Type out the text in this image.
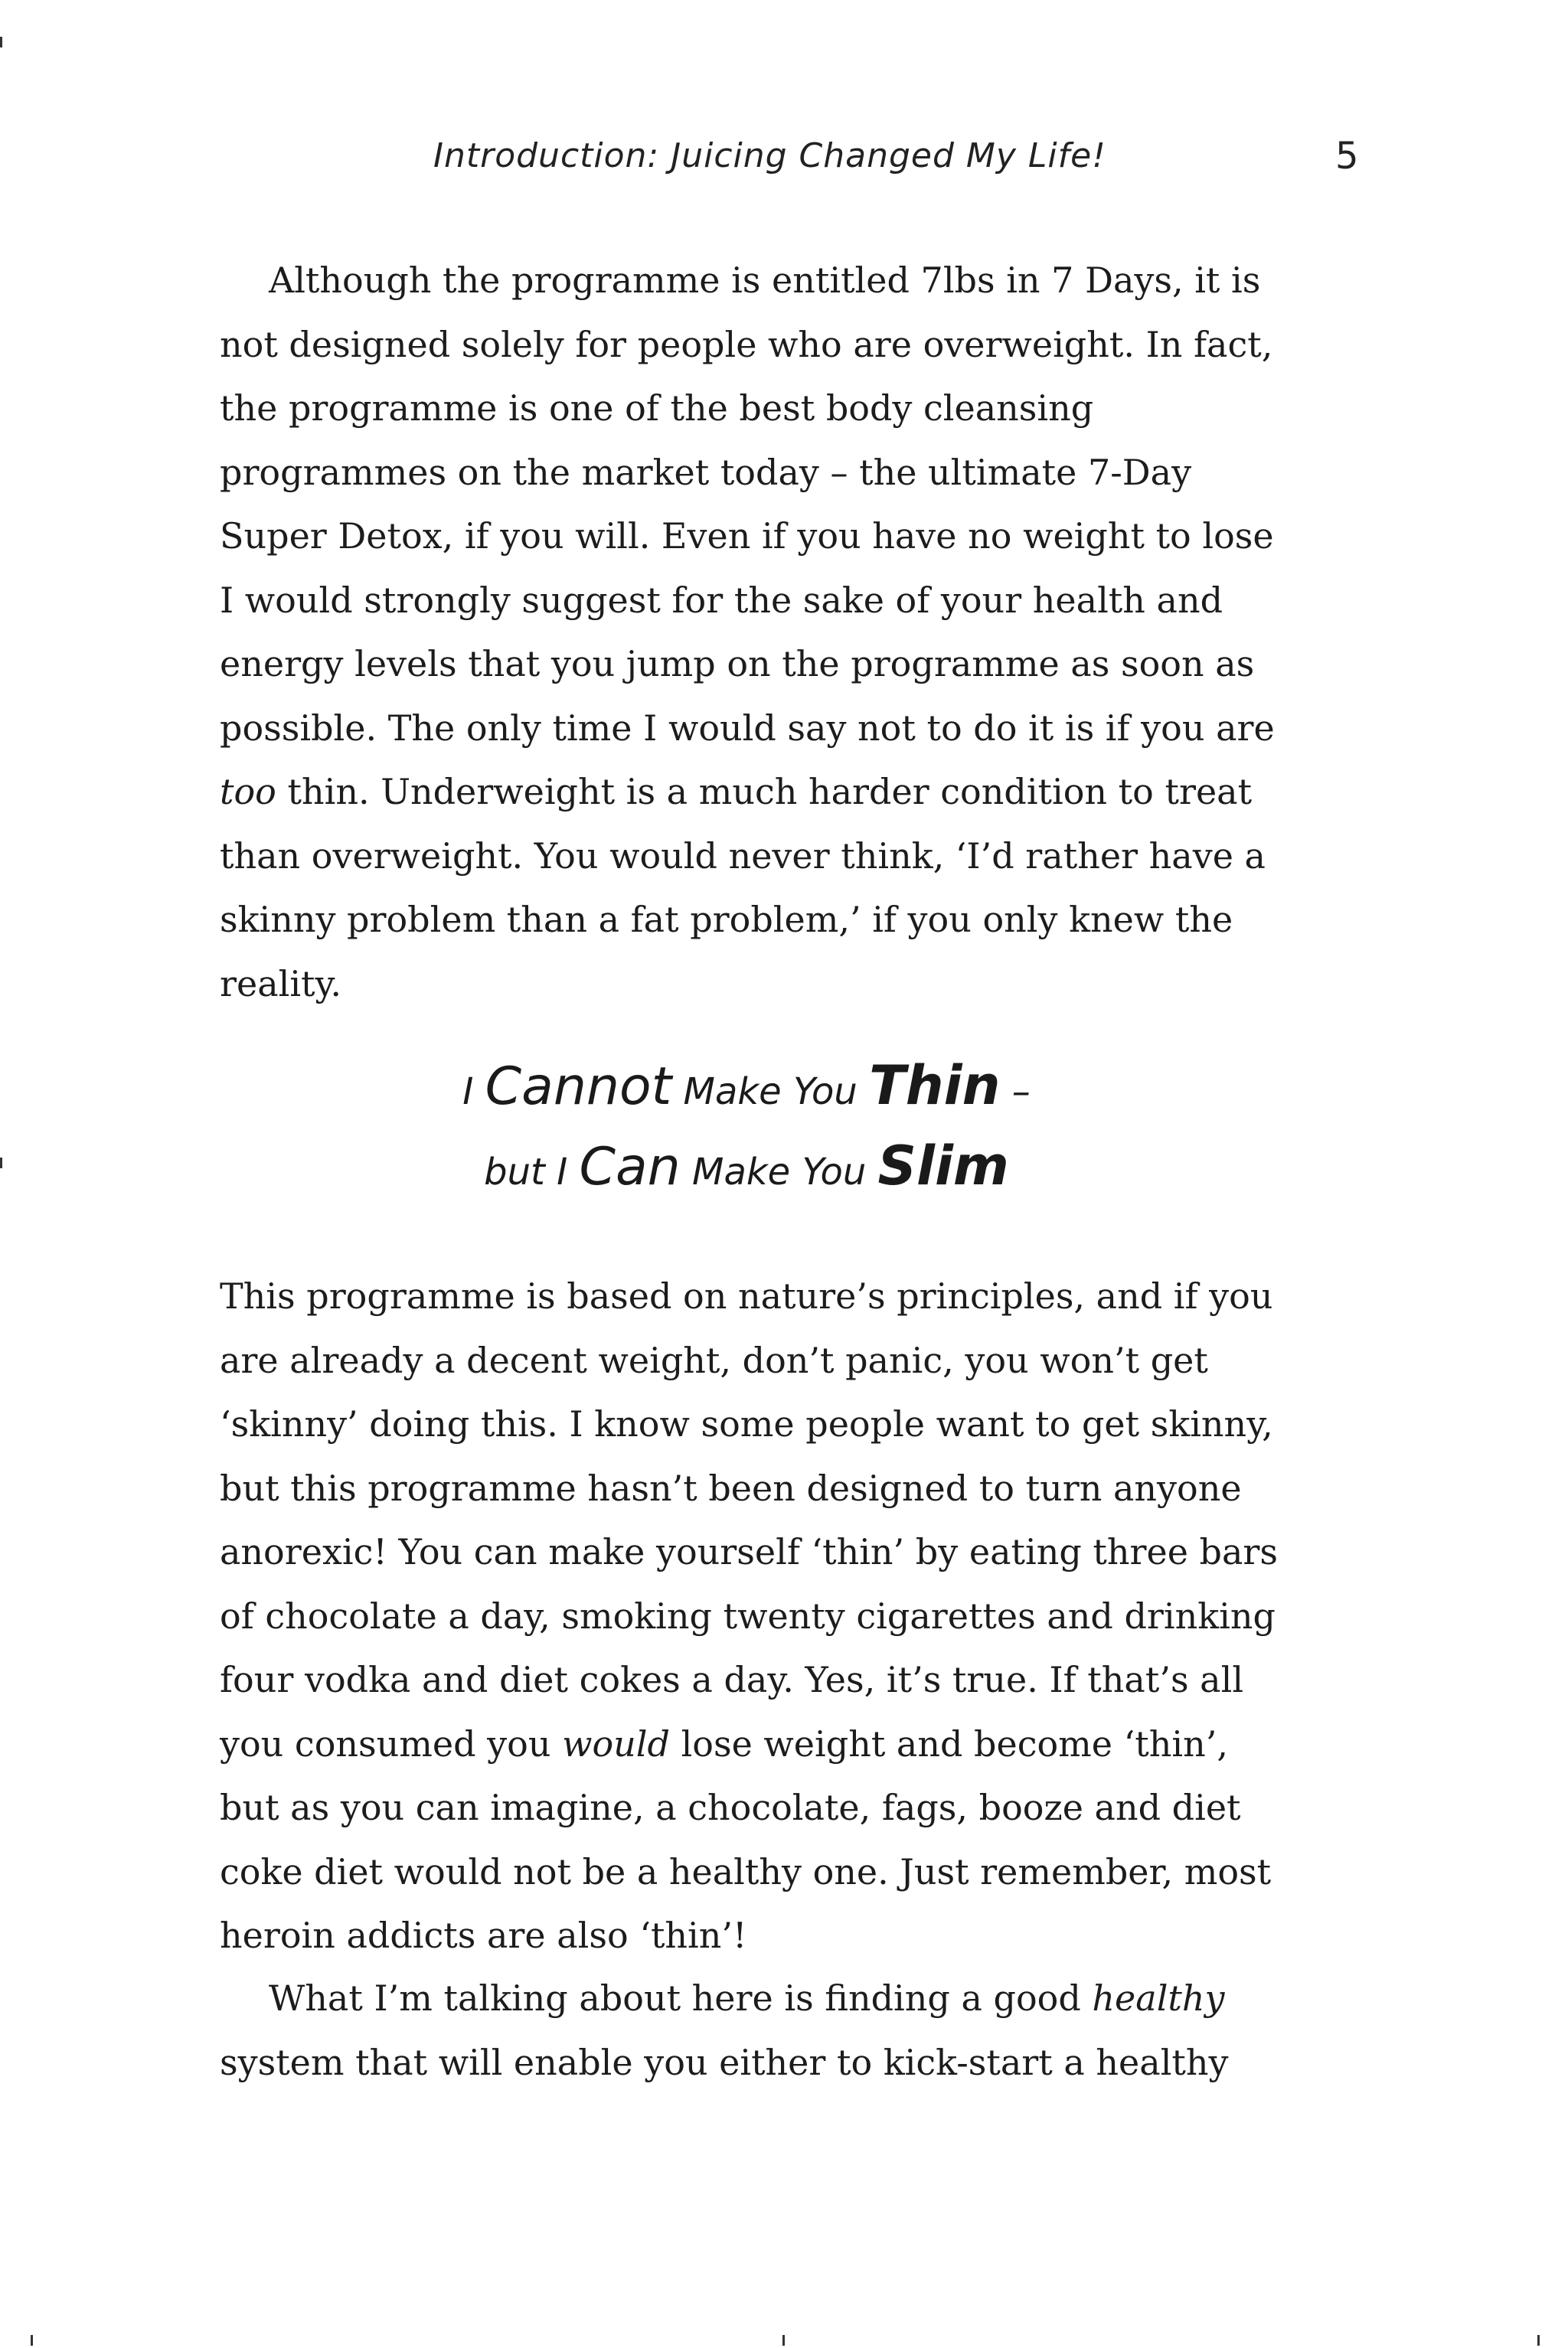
Introduction: Juicing Changed My Life!	5

Although the programme is entitled 7lbs in 7 Days, it is

not designed solely for people who are overweight. In fact,

the programme is one of the best body cleansing

programmes on the market today – the ultimate 7-Day

Super Detox, if you will. Even if you have no weight to lose

I would strongly suggest for the sake of your health and

energy levels that you jump on the programme as soon as

possible. The only time I would say not to do it is if you are

too thin. Underweight is a much harder condition to treat

than overweight. You would never think, ‘I’d rather have a

skinny problem than a fat problem,’ if you only knew the

reality.

I Cannot Make You Thin –
but I Can Make You Slim

This programme is based on nature’s principles, and if you

are already a decent weight, don’t panic, you won’t get

‘skinny’ doing this. I know some people want to get skinny,

but this programme hasn’t been designed to turn anyone

anorexic! You can make yourself ‘thin’ by eating three bars

of chocolate a day, smoking twenty cigarettes and drinking

four vodka and diet cokes a day. Yes, it’s true. If that’s all

you consumed you would lose weight and become ‘thin’,

but as you can imagine, a chocolate, fags, booze and diet

coke diet would not be a healthy one. Just remember, most

heroin addicts are also ‘thin’!

What I’m talking about here is finding a good healthy

system that will enable you either to kick-start a healthy
